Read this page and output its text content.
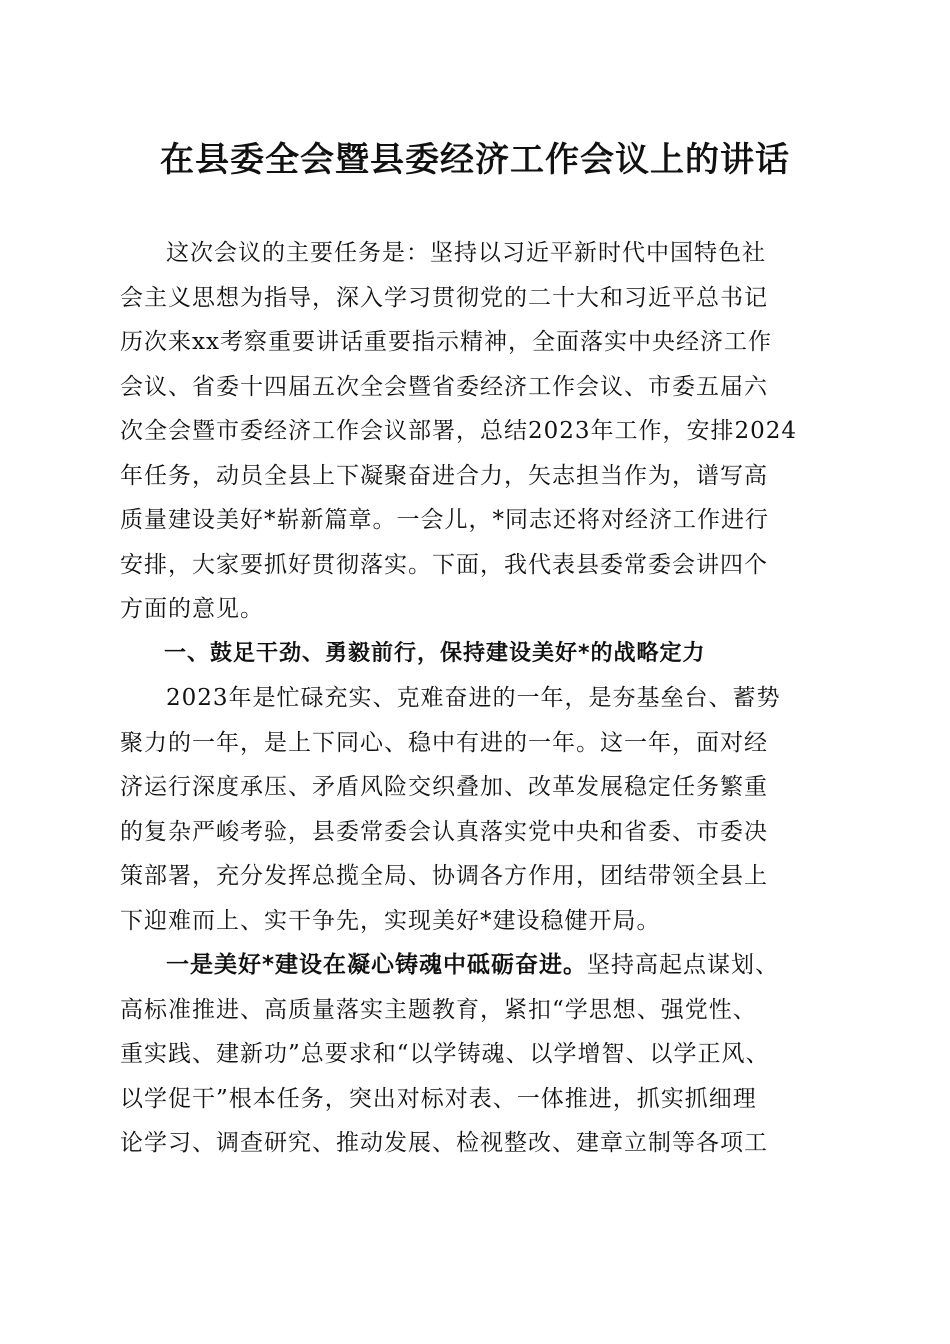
在县委全会暨县委经济工作会议上的讲话

这次会议的主要任务是：坚持以习近平新时代中国特色社
会主义思想为指导，深入学习贯彻党的二十大和习近平总书记
历次来xx考察重要讲话重要指示精神，全面落实中央经济工作
会议、省委十四届五次全会暨省委经济工作会议、市委五届六
次全会暨市委经济工作会议部署，总结2023年工作，安排2024
年任务，动员全县上下凝聚奋进合力，矢志担当作为，谱写高
质量建设美好*崭新篇章。一会儿，*同志还将对经济工作进行
安排，大家要抓好贯彻落实。下面，我代表县委常委会讲四个
方面的意见。

一、鼓足干劲、勇毅前行，保持建设美好*的战略定力

2023年是忙碌充实、克难奋进的一年，是夯基垒台、蓄势
聚力的一年，是上下同心、稳中有进的一年。这一年，面对经
济运行深度承压、矛盾风险交织叠加、改革发展稳定任务繁重
的复杂严峻考验，县委常委会认真落实党中央和省委、市委决
策部署，充分发挥总揽全局、协调各方作用，团结带领全县上
下迎难而上、实干争先，实现美好*建设稳健开局。

一是美好*建设在凝心铸魂中砥砺奋进。坚持高起点谋划、
高标准推进、高质量落实主题教育，紧扣“学思想、强党性、
重实践、建新功”总要求和“以学铸魂、以学增智、以学正风、
以学促干”根本任务，突出对标对表、一体推进，抓实抓细理
论学习、调查研究、推动发展、检视整改、建章立制等各项工
